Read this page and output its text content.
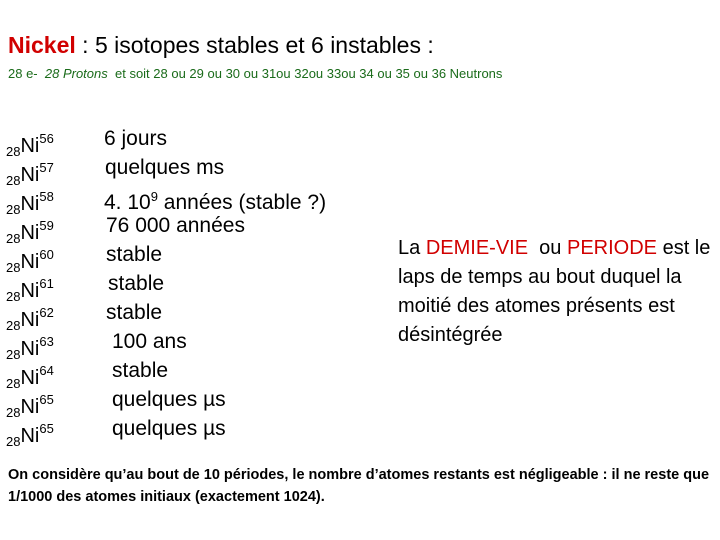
Nickel : 5 isotopes stables et 6 instables :
28 e- 28 Protons et soit 28 ou 29 ou 30 ou 31ou 32ou 33ou 34 ou 35 ou 36 Neutrons
$_{28}Ni^{56}$
$_{28}Ni^{57}$
$_{28}Ni^{58}$
$_{28}Ni^{59}$
$_{28}Ni^{60}$
$_{28}Ni^{61}$
$_{28}Ni^{62}$
$_{28}Ni^{63}$
$_{28}Ni^{64}$
$_{28}Ni^{65}$
$_{28}Ni^{65}$
6 jours
quelques ms
4. $10^9$ années (stable ?)
76 000 années
stable
stable
stable
100 ans
stable
quelques µs
quelques µs
La DEMIE-VIE  ou PERIODE est le laps de temps au bout duquel la moitié des atomes présents est désintégrée
On considère qu’au bout de 10 périodes, le nombre d’atomes restants est négligeable : il ne reste que 1/1000 des atomes initiaux (exactement 1024).
